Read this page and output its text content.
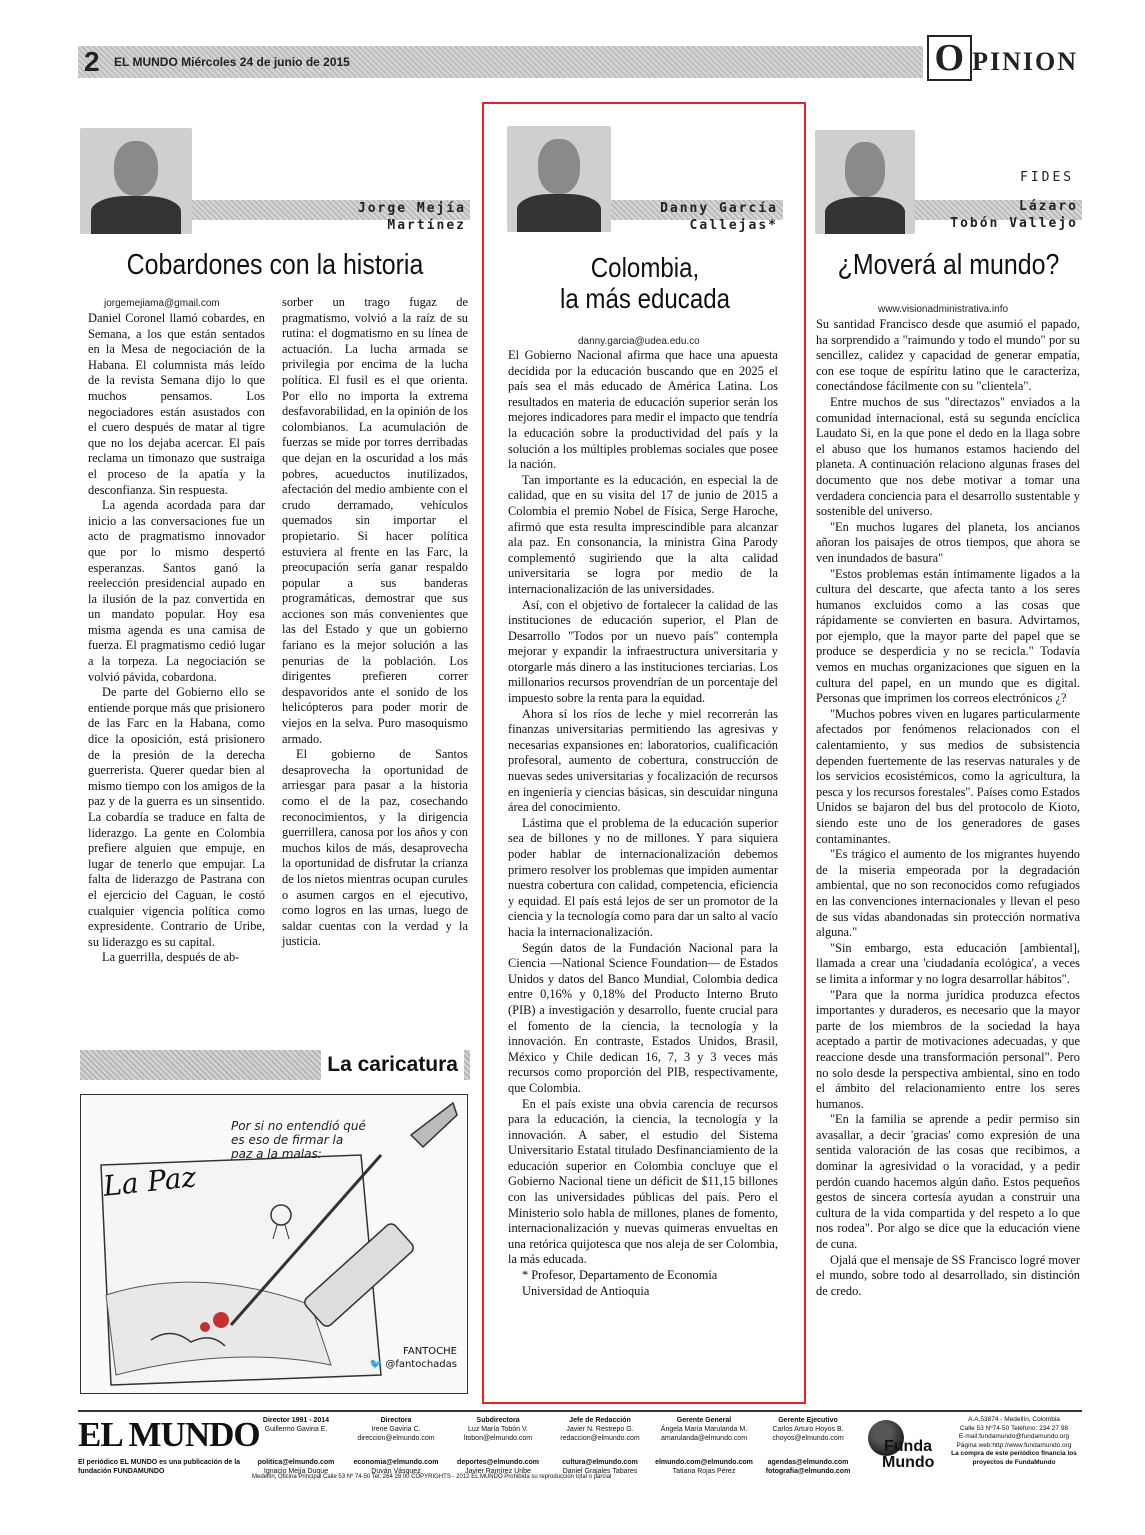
2 EL MUNDO Miércoles 24 de junio de 2015	O PINION
Jorge Mejía
Martínez
Cobardones con la historia
jorgemejiama@gmail.com

Daniel Coronel llamó cobardes, en Semana, a los que están sentados en la Mesa de negociación de la Habana. El columnista más leído de la revista Semana dijo lo que muchos pensamos. Los negociadores están asustados con el cuero después de matar al tigre que no los dejaba acercar. El país reclama un timonazo que sustraiga el proceso de la apatía y la desconfianza. Sin respuesta.

La agenda acordada para dar inicio a las conversaciones fue un acto de pragmatismo innovador que por lo mismo despertó esperanzas. Santos ganó la reelección presidencial aupado en la ilusión de la paz convertida en un mandato popular. Hoy esa misma agenda es una camisa de fuerza. El pragmatismo cedió lugar a la torpeza. La negociación se volvió pávida, cobardona.

De parte del Gobierno ello se entiende porque más que prisionero de las Farc en la Habana, como dice la oposición, está prisionero de la presión de la derecha guerrerista. Querer quedar bien al mismo tiempo con los amigos de la paz y de la guerra es un sinsentido. La cobardía se traduce en falta de liderazgo. La gente en Colombia prefiere alguien que empuje, en lugar de tenerlo que empujar. La falta de liderazgo de Pastrana con el ejercicio del Caguan, le costó cualquier vigencia política como expresidente. Contrario de Uribe, su liderazgo es su capital.

La guerrilla, después de ab-

sorber un trago fugaz de pragmatismo, volvió a la raíz de su rutina: el dogmatismo en su línea de actuación. La lucha armada se privilegia por encima de la lucha política. El fusil es el que orienta. Por ello no importa la extrema desfavorabilidad, en la opinión de los colombianos. La acumulación de fuerzas se mide por torres derribadas que dejan en la oscuridad a los más pobres, acueductos inutilizados, afectación del medio ambiente con el crudo derramado, vehículos quemados sin importar el propietario. Si hacer política estuviera al frente en las Farc, la preocupación sería ganar respaldo popular a sus banderas programáticas, demostrar que sus acciones son más convenientes que las del Estado y que un gobierno fariano es la mejor solución a las penurias de la población. Los dirigentes prefieren correr despavoridos ante el sonido de los helicópteros para poder morir de viejos en la selva. Puro masoquismo armado.

El gobierno de Santos desaprovecha la oportunidad de arriesgar para pasar a la historia como el de la paz, cosechando reconocimientos, y la dirigencia guerrillera, canosa por los años y con muchos kilos de más, desaprovecha la oportunidad de disfrutar la crianza de los nietos mientras ocupan curules o asumen cargos en el ejecutivo, como logros en las urnas, luego de saldar cuentas con la verdad y la justicia.

La caricatura
Por si no entendió qué
es eso de firmar la
paz a la malas:
La Paz
FANTOCHE
🐦 @fantochadas
Danny García
Callejas*
Colombia,
la más educada
danny.garcia@udea.edu.co

El Gobierno Nacional afirma que hace una apuesta decidida por la educación buscando que en 2025 el país sea el más educado de América Latina. Los resultados en materia de educación superior serán los mejores indicadores para medir el impacto que tendría la educación sobre la productividad del país y la solución a los múltiples problemas sociales que posee la nación.

Tan importante es la educación, en especial la de calidad, que en su visita del 17 de junio de 2015 a Colombia el premio Nobel de Física, Serge Haroche, afirmó que esta resulta imprescindible para alcanzar ala paz. En consonancia, la ministra Gina Parody complementó sugiriendo que la alta calidad universitaria se logra por medio de la internacionalización de las universidades.

Así, con el objetivo de fortalecer la calidad de las instituciones de educación superior, el Plan de Desarrollo "Todos por un nuevo país" contempla mejorar y expandir la infraestructura universitaria y otorgarle más dinero a las instituciones terciarias. Los millonarios recursos provendrían de un porcentaje del impuesto sobre la renta para la equidad.

Ahora sí los ríos de leche y miel recorrerán las finanzas universitarias permitiendo las agresivas y necesarias expansiones en: laboratorios, cualificación profesoral, aumento de cobertura, construcción de nuevas sedes universitarias y focalización de recursos en ingeniería y ciencias básicas, sin descuidar ninguna área del conocimiento.

Lástima que el problema de la educación superior sea de billones y no de millones. Y para siquiera poder hablar de internacionalización debemos primero resolver los problemas que impiden aumentar nuestra cobertura con calidad, competencia, eficiencia y equidad. El país está lejos de ser un promotor de la ciencia y la tecnología como para dar un salto al vacío hacia la internacionalización.

Según datos de la Fundación Nacional para la Ciencia —National Science Foundation— de Estados Unidos y datos del Banco Mundial, Colombia dedica entre 0,16% y 0,18% del Producto Interno Bruto (PIB) a investigación y desarrollo, fuente crucial para el fomento de la ciencia, la tecnología y la innovación. En contraste, Estados Unidos, Brasil, México y Chile dedican 16, 7, 3 y 3 veces más recursos como proporción del PIB, respectivamente, que Colombia.

En el país existe una obvia carencia de recursos para la educación, la ciencia, la tecnología y la innovación. A saber, el estudio del Sistema Universitario Estatal titulado Desfinanciamiento de la educación superior en Colombia concluye que el Gobierno Nacional tiene un déficit de $11,15 billones con las universidades públicas del país. Pero el Ministerio solo habla de millones, planes de fomento, internacionalización y nuevas quimeras envueltas en una retórica quijotesca que nos aleja de ser Colombia, la más educada.

* Profesor, Departamento de Economía
Universidad de Antioquia
FIDES
Lázaro
Tobón Vallejo
¿Moverá al mundo?
www.visionadministrativa.info

Su santidad Francisco desde que asumió el papado, ha sorprendido a "raimundo y todo el mundo" por su sencillez, calidez y capacidad de generar empatía, con ese toque de espíritu latino que le caracteriza, conectándose fácilmente con su "clientela".

Entre muchos de sus "directazos" enviados a la comunidad internacional, está su segunda encíclica Laudato Si, en la que pone el dedo en la llaga sobre el abuso que los humanos estamos haciendo del planeta. A continuación relaciono algunas frases del documento que nos debe motivar a tomar una verdadera conciencia para el desarrollo sustentable y sostenible del universo.

"En muchos lugares del planeta, los ancianos añoran los paisajes de otros tiempos, que ahora se ven inundados de basura"

"Estos problemas están íntimamente ligados a la cultura del descarte, que afecta tanto a los seres humanos excluidos como a las cosas que rápidamente se convierten en basura. Advirtamos, por ejemplo, que la mayor parte del papel que se produce se desperdicia y no se recicla." Todavía vemos en muchas organizaciones que siguen en la cultura del papel, en un mundo que es digital. Personas que imprimen los correos electrónicos ¿?

"Muchos pobres viven en lugares particularmente afectados por fenómenos relacionados con el calentamiento, y sus medios de subsistencia dependen fuertemente de las reservas naturales y de los servicios ecosistémicos, como la agricultura, la pesca y los recursos forestales". Países como Estados Unidos se bajaron del bus del protocolo de Kioto, siendo este uno de los generadores de gases contaminantes.

"Es trágico el aumento de los migrantes huyendo de la miseria empeorada por la degradación ambiental, que no son reconocidos como refugiados en las convenciones internacionales y llevan el peso de sus vidas abandonadas sin protección normativa alguna."

"Sin embargo, esta educación [ambiental], llamada a crear una 'ciudadanía ecológica', a veces se limita a informar y no logra desarrollar hábitos".

"Para que la norma jurídica produzca efectos importantes y duraderos, es necesario que la mayor parte de los miembros de la sociedad la haya aceptado a partir de motivaciones adecuadas, y que reaccione desde una transformación personal". Pero no solo desde la perspectiva ambiental, sino en todo el ámbito del relacionamiento entre los seres humanos.

"En la familia se aprende a pedir permiso sin avasallar, a decir 'gracias' como expresión de una sentida valoración de las cosas que recibimos, a dominar la agresividad o la voracidad, y a pedir perdón cuando hacemos algún daño. Estos pequeños gestos de sincera cortesía ayudan a construir una cultura de la vida compartida y del respeto a lo que nos rodea". Por algo se dice que la educación viene de cuna.

Ojalá que el mensaje de SS Francisco logré mover el mundo, sobre todo al desarrollado, sin distinción de credo.

EL MUNDO
El periódico EL MUNDO es una publicación de la fundación FUNDAMUNDO
Director 1991 - 2014
Guillermo Gaviria E.
Directora
Irene Gaviria C.
direccion@elmundo.com
Subdirectora
Luz María Tobón V.
ltobon@elmundo.com
Jefe de Redacción
Javier N. Restrepo G.
redaccion@elmundo.com
Gerente General
Ángela María Marulanda M.
amarulanda@elmundo.com
Gerente Ejecutivo
Carlos Arturo Hoyos B.
choyos@elmundo.com
politica@elmundo.com
Ignacio Mejía Duque
economia@elmundo.com
Duván Vásquez
deportes@elmundo.com
Javier Ramírez Uribe
cultura@elmundo.com
Daniel Grajales Tabares
elmundo.com@elmundo.com
Tatiana Rojas Pérez
agendas@elmundo.com
fotografia@elmundo.com
Medellín, Oficina Principal Calle 53 Nº 74-50 Tel: 264 28 00 COPYRIGHTS - 2012 EL MUNDO Prohibida su reproducción total o parcial
Funda
Mundo
A.A.53874 - Medellín, Colombia
Calle 53 Nº74-50 Teléfono: 234 27 98
E-mail:fundamundo@fundamundo.org
Página web:http://www.fundamundo.org
La compra de este periódico financia los proyectos de FundaMundo
